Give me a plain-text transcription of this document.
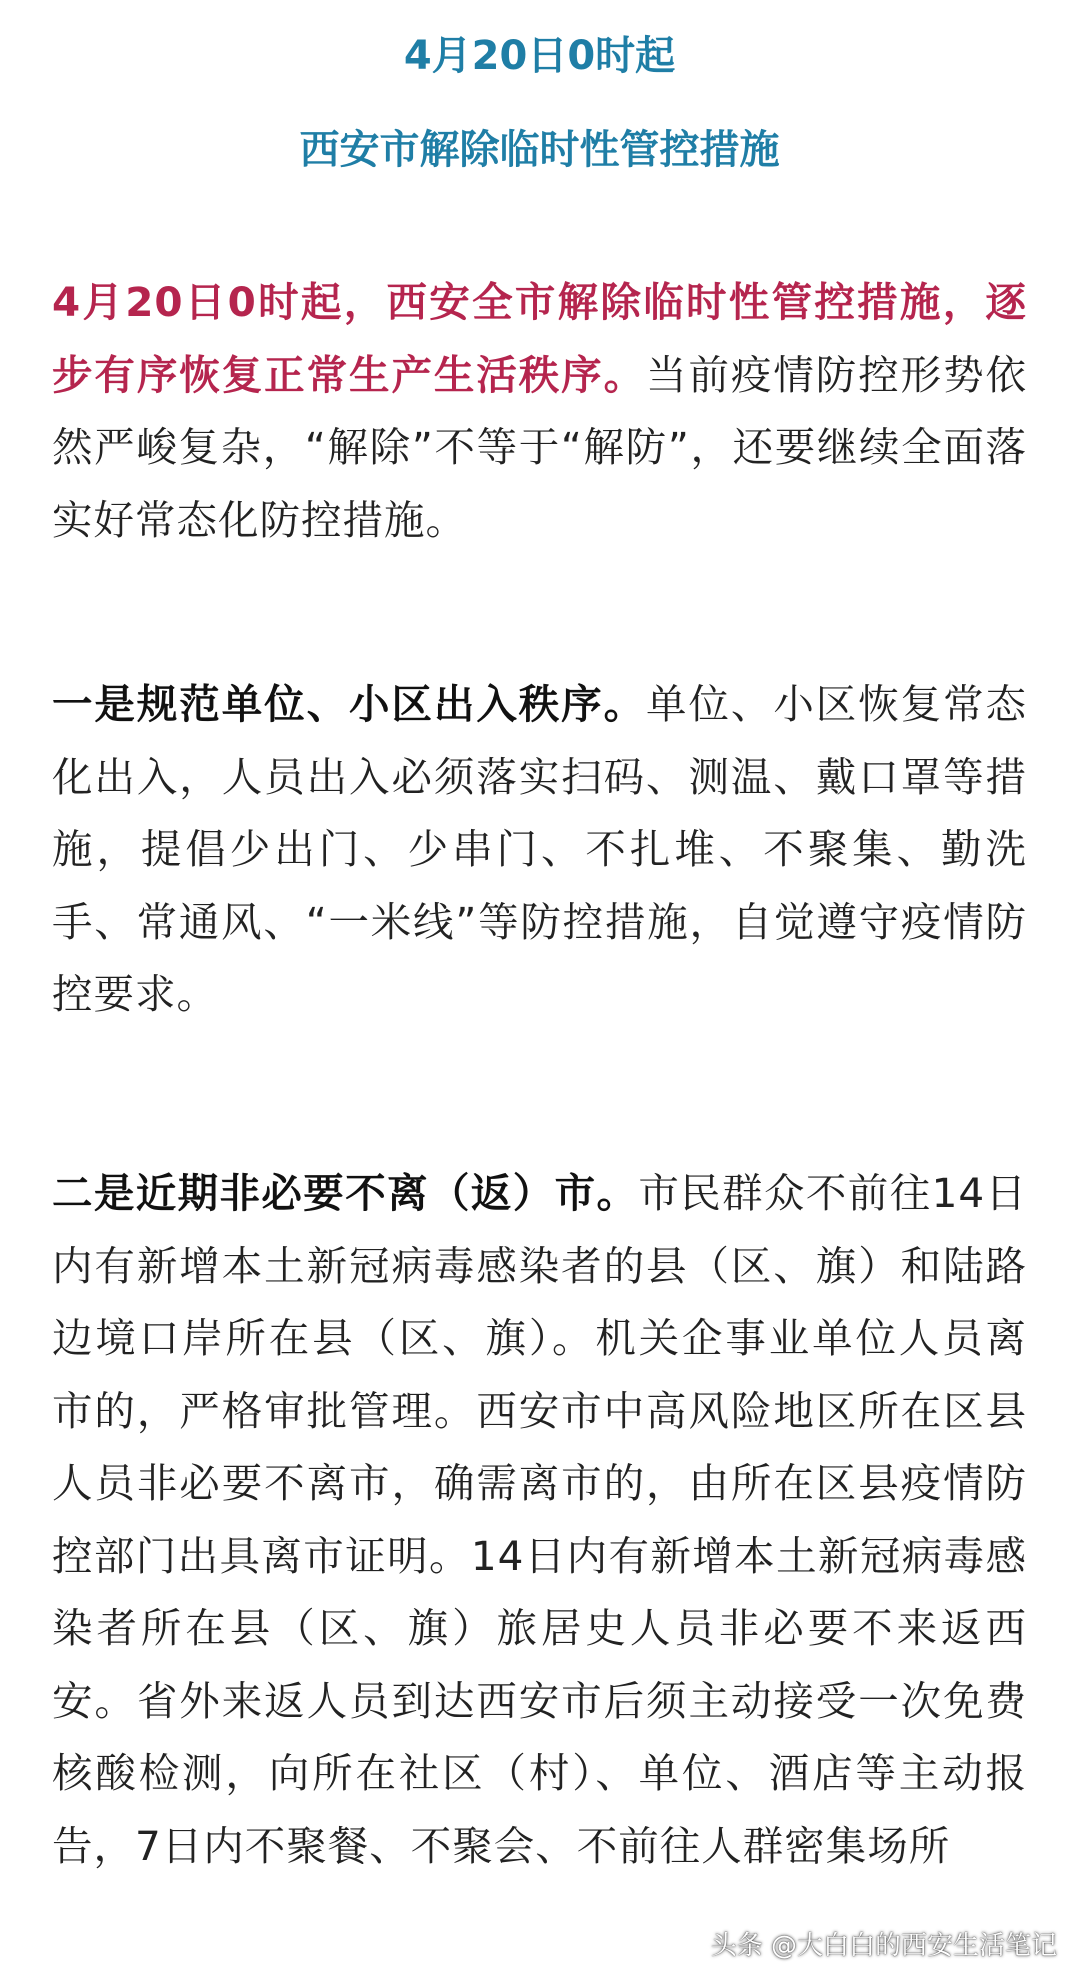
4月20日0时起
西安市解除临时性管控措施

4月20日0时起，西安全市解除临时性管控措施，逐步有序恢复正常生产生活秩序。当前疫情防控形势依然严峻复杂，“解除”不等于“解防”，还要继续全面落实好常态化防控措施。

一是规范单位、小区出入秩序。单位、小区恢复常态化出入，人员出入必须落实扫码、测温、戴口罩等措施，提倡少出门、少串门、不扎堆、不聚集、勤洗手、常通风、“一米线”等防控措施，自觉遵守疫情防控要求。

二是近期非必要不离（返）市。市民群众不前往14日内有新增本土新冠病毒感染者的县（区、旗）和陆路边境口岸所在县（区、旗）。机关企事业单位人员离市的，严格审批管理。西安市中高风险地区所在区县人员非必要不离市，确需离市的，由所在区县疫情防控部门出具离市证明。14日内有新增本土新冠病毒感染者所在县（区、旗）旅居史人员非必要不来返西安。省外来返人员到达西安市后须主动接受一次免费核酸检测，向所在社区（村）、单位、酒店等主动报告，7日内不聚餐、不聚会、不前往人群密集场所

头条 @大白白的西安生活笔记
